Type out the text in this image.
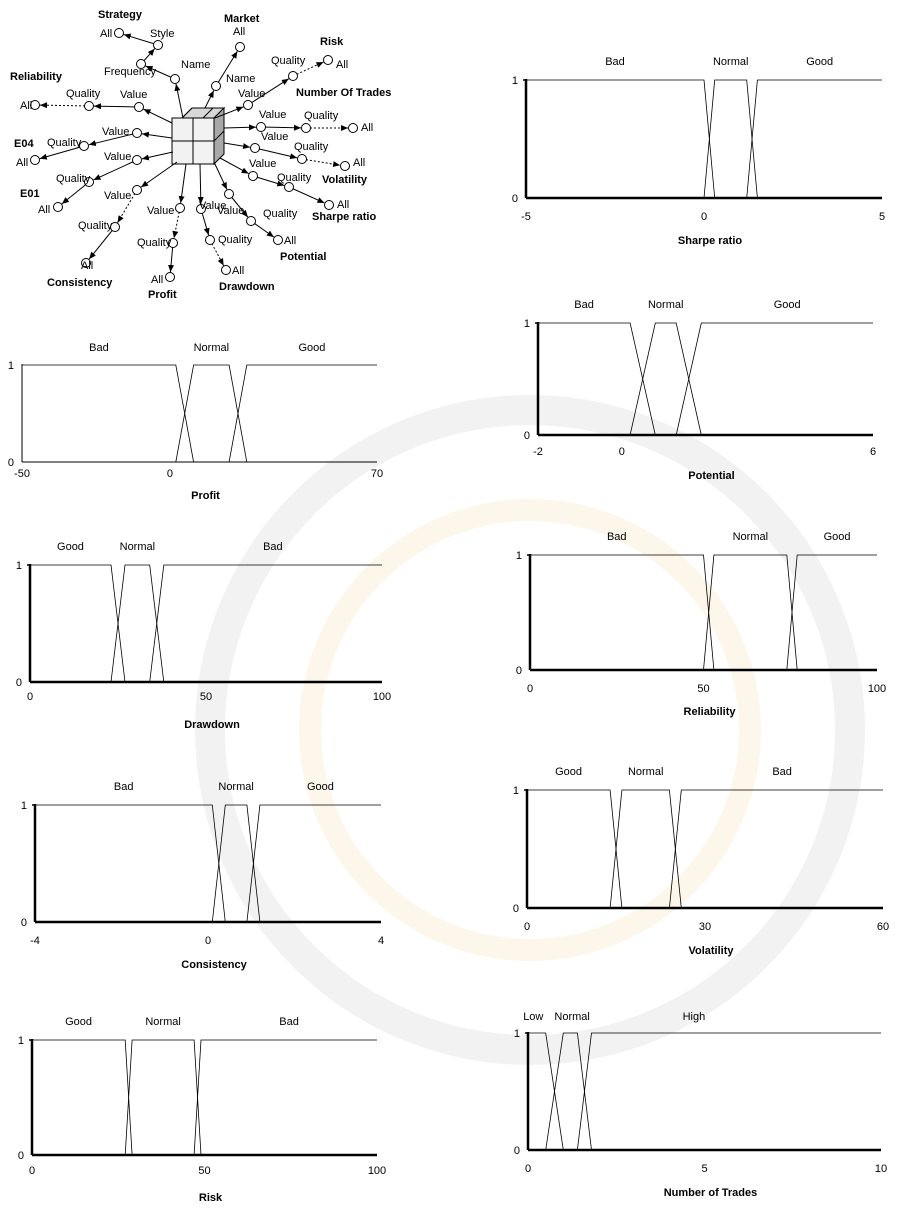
Strategy
All	Style
Frequency
Name
Market
All
Name
Risk
All
Quality
Value	Number Of Trades
All
Quality
Value
Volatility
All
Quality
Value
Sharpe ratio
All
Quality
Value
Potential
All
Quality
Value
Drawdown
All
Quality
Value
Profit
All
Quality
Value
Consistency
All
Quality
Value
E01
All
Quality
Value
E04
All
Quality
Value
Reliability
All
Quality Value
1
0
-50	0	70
Profit
Bad	Normal	Good
1
0
0	50	100
Drawdown
Good	Normal	Bad
1
0
-4	0	4
Consistency
Bad	Normal	Good
1
0
0	50	100
Risk
Good	Normal	Bad
1
0
-5	0	5
Sharpe ratio
Bad	Normal	Good
1
0
-2	0	6
Potential
Bad	Normal	Good
1
0
0	50	100
Reliability
Bad	Normal	Good
1
0
0	30	60
Volatility
Good	Normal	Bad
1
0
0	5	10
Number of Trades
Low Normal	High
